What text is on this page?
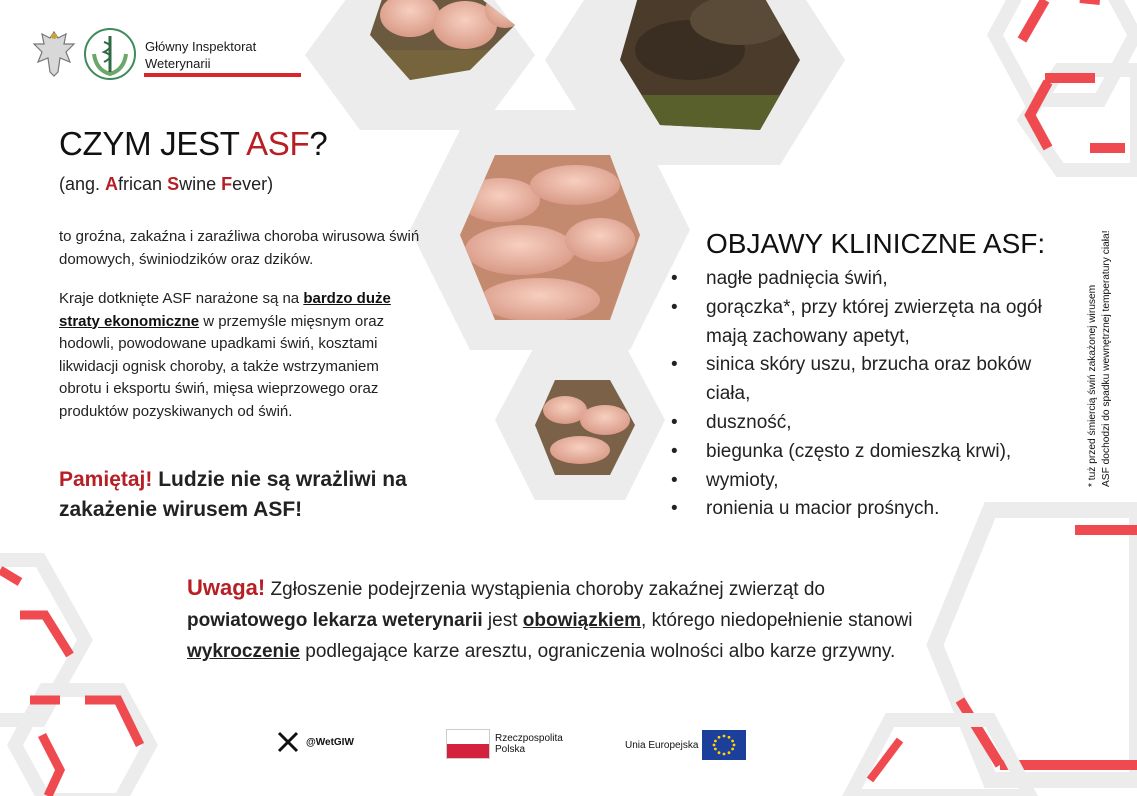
Główny Inspektorat
Weterynarii
CZYM JEST ASF?
(ang. African Swine Fever)
to groźna, zakaźna i zaraźliwa choroba wirusowa świń domowych, świniodzików oraz dzików.
Kraje dotknięte ASF narażone są na bardzo duże straty ekonomiczne w przemyśle mięsnym oraz hodowli, powodowane upadkami świń, kosztami likwidacji ognisk choroby, a także wstrzymaniem obrotu i eksportu świń, mięsa wieprzowego oraz produktów pozyskiwanych od świń.
Pamiętaj! Ludzie nie są wrażliwi na zakażenie wirusem ASF!
OBJAWY KLINICZNE ASF:
• nagłe padnięcia świń,
• gorączka*, przy której zwierzęta na ogół mają zachowany apetyt,
• sinica skóry uszu, brzucha oraz boków ciała,
• duszność,
• biegunka (często z domieszką krwi),
• wymioty,
• ronienia u macior prośnych.
* tuż przed śmiercią świń zakażonej wirusem ASF dochodzi do spadku wewnętrznej temperatury ciała!
Uwaga! Zgłoszenie podejrzenia wystąpienia choroby zakaźnej zwierząt do powiatowego lekarza weterynarii jest obowiązkiem, którego niedopełnienie stanowi wykroczenie podlegające karze aresztu, ograniczenia wolności albo karze grzywny.
@WetGIW	Rzeczpospolita
Polska	Unia Europejska
